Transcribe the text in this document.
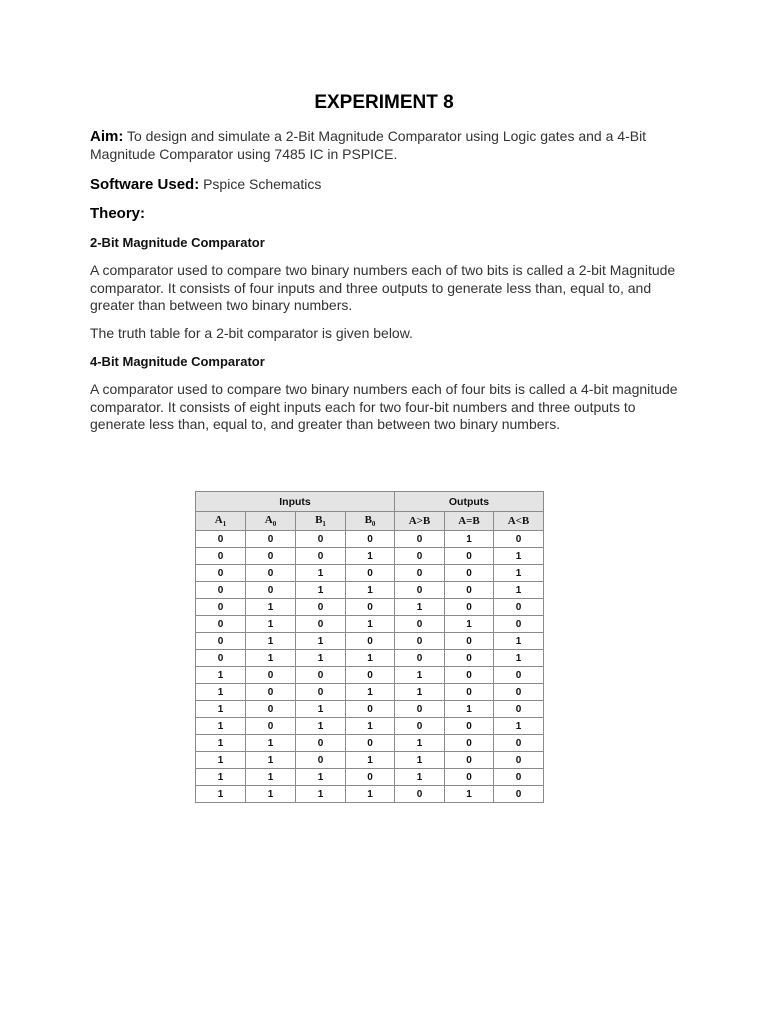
EXPERIMENT 8

Aim: To design and simulate a 2-Bit Magnitude Comparator using Logic gates and a 4-Bit
Magnitude Comparator using 7485 IC in PSPICE.

Software Used: Pspice Schematics

Theory:
2-Bit Magnitude Comparator

A comparator used to compare two binary numbers each of two bits is called a 2-bit Magnitude
comparator. It consists of four inputs and three outputs to generate less than, equal to, and
greater than between two binary numbers.

The truth table for a 2-bit comparator is given below.

4-Bit Magnitude Comparator

A comparator used to compare two binary numbers each of four bits is called a 4-bit magnitude
comparator. It consists of eight inputs each for two four-bit numbers and three outputs to
generate less than, equal to, and greater than between two binary numbers.

Inputs				Outputs		
$A_1$	$A_0$	$B_1$	$B_0$	A>B	A=B	A<B
0	0	0	0	0	1	0
0	0	0	1	0	0	1
0	0	1	0	0	0	1
0	0	1	1	0	0	1
0	1	0	0	1	0	0
0	1	0	1	0	1	0
0	1	1	0	0	0	1
0	1	1	1	0	0	1
1	0	0	0	1	0	0
1	0	0	1	1	0	0
1	0	1	0	0	1	0
1	0	1	1	0	0	1
1	1	0	0	1	0	0
1	1	0	1	1	0	0
1	1	1	0	1	0	0
1	1	1	1	0	1	0
